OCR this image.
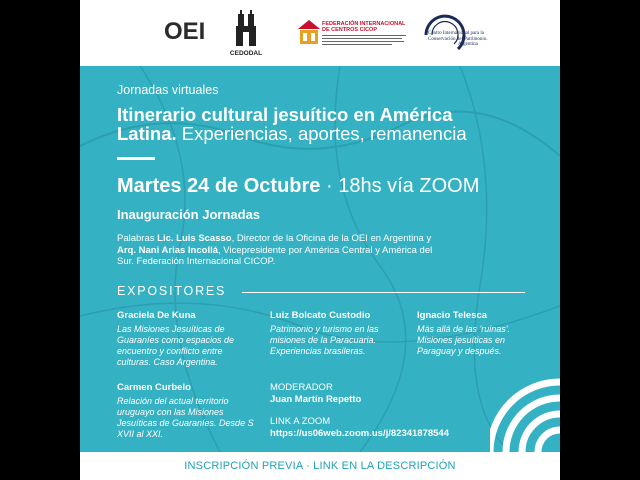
OEI
CEDODAL
FEDERACIÓN INTERNACIONAL
DE CENTROS CICOP
Centro Internacional para la Conservación del Patrimonio.
Argentina
Jornadas virtuales
Itinerario cultural jesuítico en América
Latina. Experiencias, aportes, remanencia
Martes 24 de Octubre · 18hs vía ZOOM
Inauguración Jornadas
Palabras Lic. Luis Scasso, Director de la Oficina de la OEI en Argentina y Arq. Nani Arias Incollá, Vicepresidente por América Central y América del Sur. Federación Internacional CICOP.
EXPOSITORES
Graciela De Kuna
Las Misiones Jesuíticas de Guaraníes como espacios de encuentro y conflicto entre culturas. Caso Argentina.
Luiz Bolcato Custodio
Patrimonio y turismo en las misiones de la Paracuaria. Experiencias brasileras.
Ignacio Telesca
Más allá de las 'ruinas'. Misiones jesuíticas en Paraguay y después.
Carmen Curbelo
Relación del actual territorio uruguayo con las Misiones Jesuíticas de Guaraníes. Desde S XVII al XXI.
MODERADOR
Juan Martín Repetto
LINK A ZOOM
https://us06web.zoom.us/j/82341878544
INSCRIPCIÓN PREVIA · LINK EN LA DESCRIPCIÓN
